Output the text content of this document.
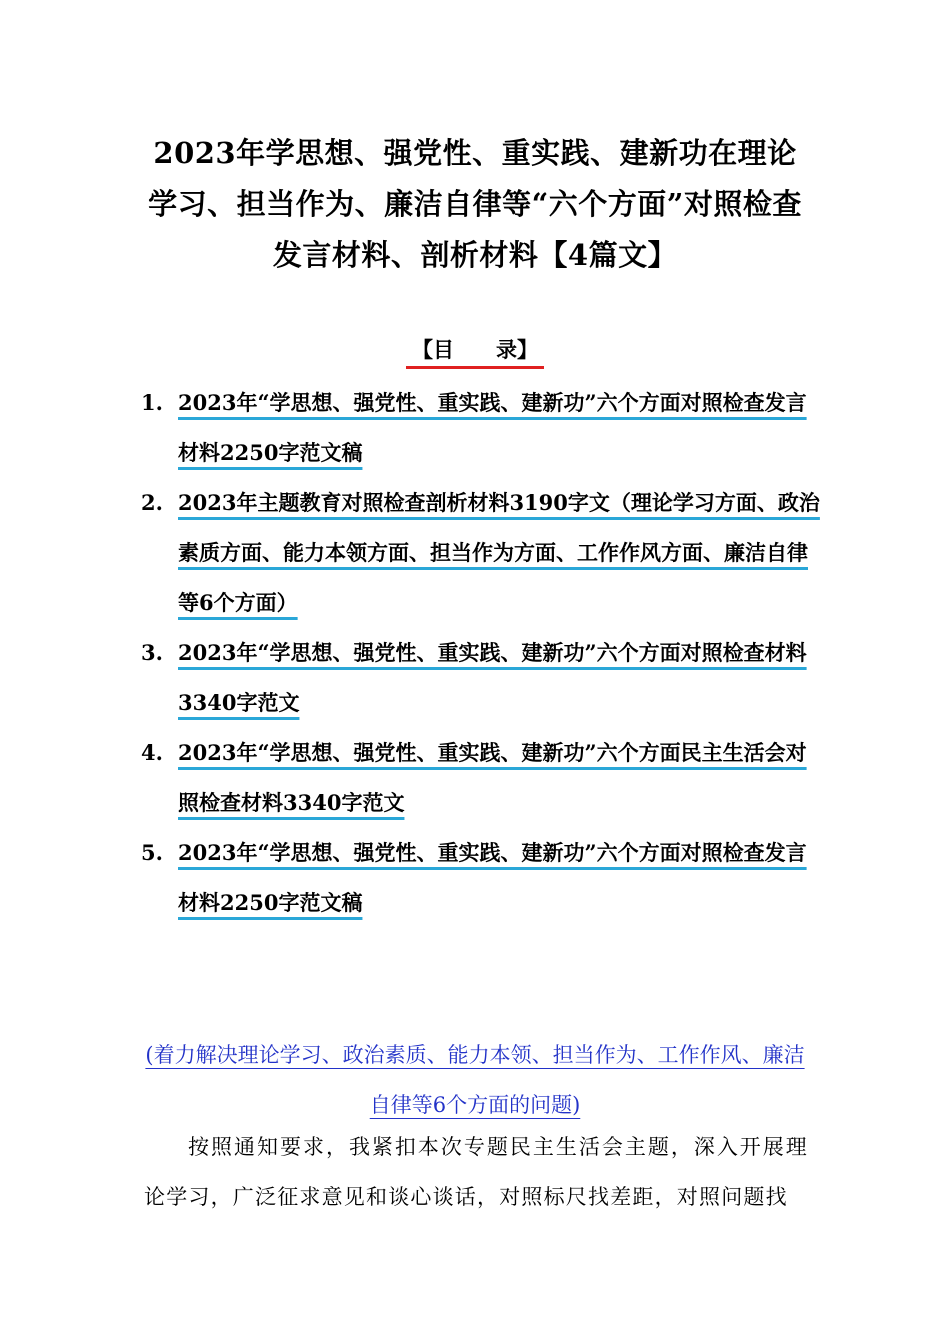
2023年学思想、强党性、重实践、建新功在理论学习、担当作为、廉洁自律等“六个方面”对照检查发言材料、剖析材料【4篇文】
【目　　录】
1. 2023年“学思想、强党性、重实践、建新功”六个方面对照检查发言材料2250字范文稿
2. 2023年主题教育对照检查剖析材料3190字文（理论学习方面、政治素质方面、能力本领方面、担当作为方面、工作作风方面、廉洁自律等6个方面）
3. 2023年“学思想、强党性、重实践、建新功”六个方面对照检查材料3340字范文
4. 2023年“学思想、强党性、重实践、建新功”六个方面民主生活会对照检查材料3340字范文
5. 2023年“学思想、强党性、重实践、建新功”六个方面对照检查发言材料2250字范文稿
(着力解决理论学习、政治素质、能力本领、担当作为、工作作风、廉洁自律等6个方面的问题)
按照通知要求，我紧扣本次专题民主生活会主题，深入开展理论学习，广泛征求意见和谈心谈话，对照标尺找差距，对照问题找
